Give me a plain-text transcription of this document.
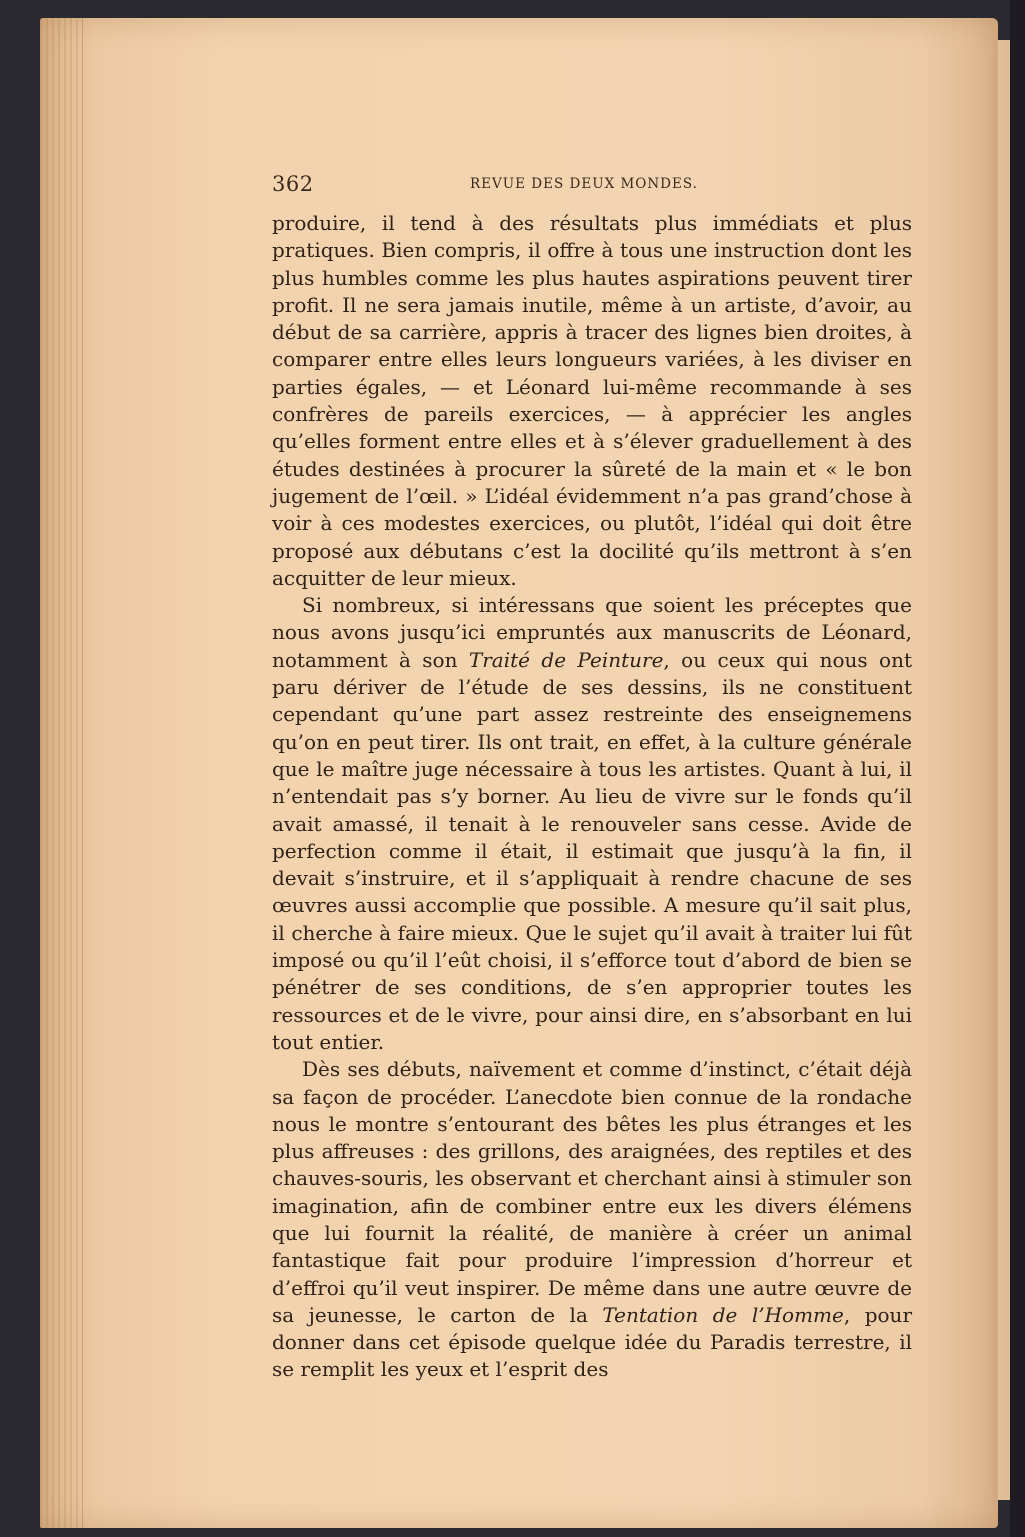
362	REVUE DES DEUX MONDES.

produire, il tend à des résultats plus immédiats et plus pratiques. Bien compris, il offre à tous une instruction dont les plus humbles comme les plus hautes aspirations peuvent tirer profit. Il ne sera jamais inutile, même à un artiste, d’avoir, au début de sa carrière, appris à tracer des lignes bien droites, à comparer entre elles leurs longueurs variées, à les diviser en parties égales, — et Léonard lui-même recommande à ses confrères de pareils exercices, — à apprécier les angles qu’elles forment entre elles et à s’élever graduellement à des études destinées à procurer la sûreté de la main et « le bon jugement de l’œil. » L’idéal évidemment n’a pas grand’chose à voir à ces modestes exercices, ou plutôt, l’idéal qui doit être proposé aux débutans c’est la docilité qu’ils mettront à s’en acquitter de leur mieux.

Si nombreux, si intéressans que soient les préceptes que nous avons jusqu’ici empruntés aux manuscrits de Léonard, notamment à son Traité de Peinture, ou ceux qui nous ont paru dériver de l’étude de ses dessins, ils ne constituent cependant qu’une part assez restreinte des enseignemens qu’on en peut tirer. Ils ont trait, en effet, à la culture générale que le maître juge nécessaire à tous les artistes. Quant à lui, il n’entendait pas s’y borner. Au lieu de vivre sur le fonds qu’il avait amassé, il tenait à le renouveler sans cesse. Avide de perfection comme il était, il estimait que jusqu’à la fin, il devait s’instruire, et il s’appliquait à rendre chacune de ses œuvres aussi accomplie que possible. A mesure qu’il sait plus, il cherche à faire mieux. Que le sujet qu’il avait à traiter lui fût imposé ou qu’il l’eût choisi, il s’efforce tout d’abord de bien se pénétrer de ses conditions, de s’en approprier toutes les ressources et de le vivre, pour ainsi dire, en s’absorbant en lui tout entier.

Dès ses débuts, naïvement et comme d’instinct, c’était déjà sa façon de procéder. L’anecdote bien connue de la rondache nous le montre s’entourant des bêtes les plus étranges et les plus affreuses : des grillons, des araignées, des reptiles et des chauves-souris, les observant et cherchant ainsi à stimuler son imagination, afin de combiner entre eux les divers élémens que lui fournit la réalité, de manière à créer un animal fantastique fait pour produire l’impression d’horreur et d’effroi qu’il veut inspirer. De même dans une autre œuvre de sa jeunesse, le carton de la Tentation de l’Homme, pour donner dans cet épisode quelque idée du Paradis terrestre, il se remplit les yeux et l’esprit des
